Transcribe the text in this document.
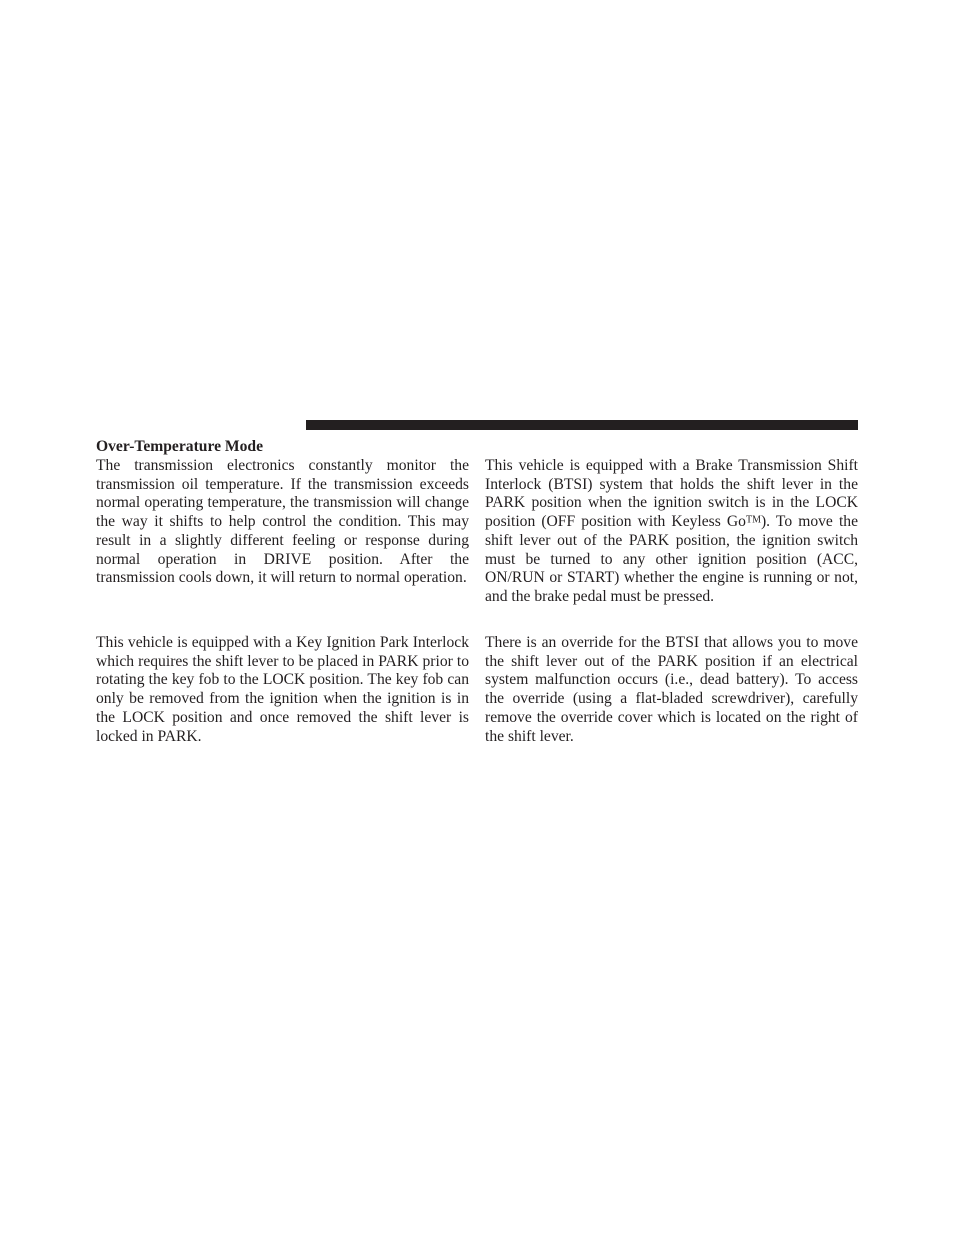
Over-Temperature Mode

The transmission electronics constantly monitor the transmission oil temperature. If the transmission exceeds normal operating temperature, the transmission will change the way it shifts to help control the condition. This may result in a slightly different feeling or response during normal operation in DRIVE position. After the transmission cools down, it will return to normal operation.

This vehicle is equipped with a Key Ignition Park Interlock which requires the shift lever to be placed in PARK prior to rotating the key fob to the LOCK position. The key fob can only be removed from the ignition when the ignition is in the LOCK position and once removed the shift lever is locked in PARK.

This vehicle is equipped with a Brake Transmission Shift Interlock (BTSI) system that holds the shift lever in the PARK position when the ignition switch is in the LOCK position (OFF position with Keyless Go™). To move the shift lever out of the PARK position, the ignition switch must be turned to any other ignition position (ACC, ON/RUN or START) whether the engine is running or not, and the brake pedal must be pressed.

There is an override for the BTSI that allows you to move the shift lever out of the PARK position if an electrical system malfunction occurs (i.e., dead battery). To access the override (using a flat-bladed screwdriver), carefully remove the override cover which is located on the right of the shift lever.
